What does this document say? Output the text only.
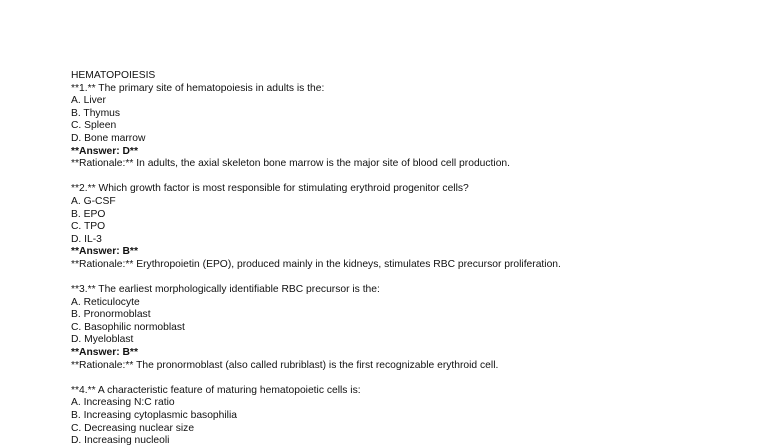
HEMATOPOIESIS
**1.** The primary site of hematopoiesis in adults is the:
A. Liver
B. Thymus
C. Spleen
D. Bone marrow
**Answer: D**
**Rationale:** In adults, the axial skeleton bone marrow is the major site of blood cell production.
**2.** Which growth factor is most responsible for stimulating erythroid progenitor cells?
A. G-CSF
B. EPO
C. TPO
D. IL-3
**Answer: B**
**Rationale:** Erythropoietin (EPO), produced mainly in the kidneys, stimulates RBC precursor proliferation.
**3.** The earliest morphologically identifiable RBC precursor is the:
A. Reticulocyte
B. Pronormoblast
C. Basophilic normoblast
D. Myeloblast
**Answer: B**
**Rationale:** The pronormoblast (also called rubriblast) is the first recognizable erythroid cell.
**4.** A characteristic feature of maturing hematopoietic cells is:
A. Increasing N:C ratio
B. Increasing cytoplasmic basophilia
C. Decreasing nuclear size
D. Increasing nucleoli
